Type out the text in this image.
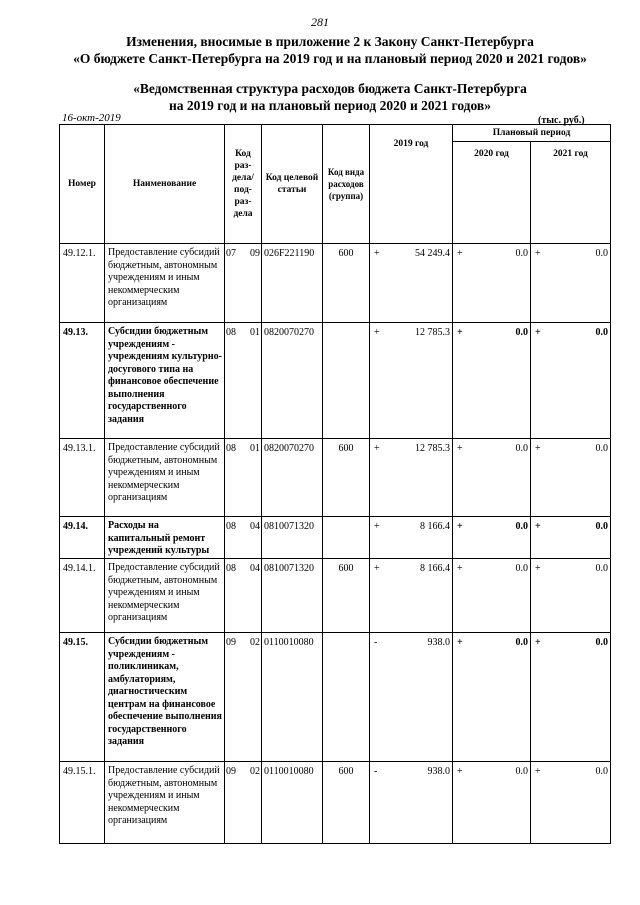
281
Изменения, вносимые в приложение 2 к Закону Санкт-Петербурга
«О бюджете Санкт-Петербурга на 2019 год и на плановый период 2020 и 2021 годов»
«Ведомственная структура расходов бюджета Санкт-Петербурга
на 2019 год и на плановый период 2020 и 2021 годов»
16-окт-2019	(тыс. руб.)
Номер	Наименование	Код раз- дела/ под- раз- дела	Код целевой статьи	Код вида расходов (группа)	2019 год	Плановый период	
						2020 год	2021 год
49.12.1.	Предоставление субсидий бюджетным, автономным учреждениям и иным некоммерческим организациям	07 09	026F221190	600	+ 54 249.4	+ 0.0	+ 0.0

49.13.	Субсидии бюджетным учреждениям - учреждениям культурно-досугового типа на финансовое обеспечение выполнения государственного задания	08 01	0820070270		+ 12 785.3	+ 0.0	+ 0.0

49.13.1.	Предоставление субсидий бюджетным, автономным учреждениям и иным некоммерческим организациям	08 01	0820070270	600	+ 12 785.3	+ 0.0	+ 0.0

49.14.	Расходы на капитальный ремонт учреждений культуры	08 04	0810071320		+ 8 166.4	+ 0.0	+ 0.0

49.14.1.	Предоставление субсидий бюджетным, автономным учреждениям и иным некоммерческим организациям	08 04	0810071320	600	+ 8 166.4	+ 0.0	+ 0.0

49.15.	Субсидии бюджетным учреждениям - поликлиникам, амбулаториям, диагностическим центрам на финансовое обеспечение выполнения государственного задания	09 02	0110010080		- 938.0	+ 0.0	+ 0.0

49.15.1.	Предоставление субсидий бюджетным, автономным учреждениям и иным некоммерческим организациям	09 02	0110010080	600	- 938.0	+ 0.0	+ 0.0
